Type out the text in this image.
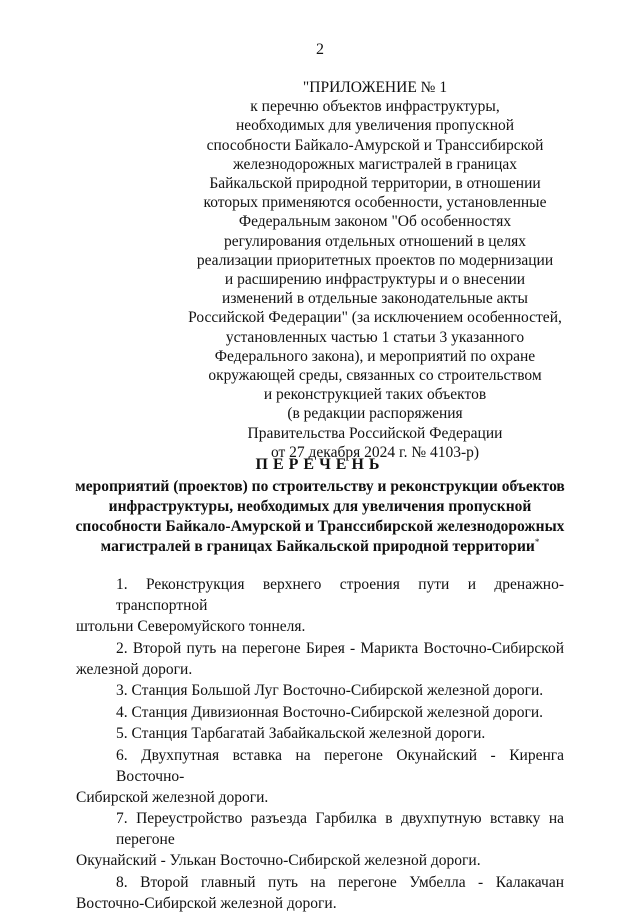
2
"ПРИЛОЖЕНИЕ № 1
к перечню объектов инфраструктуры,
необходимых для увеличения пропускной
способности Байкало-Амурской и Транссибирской
железнодорожных магистралей в границах
Байкальской природной территории, в отношении
которых применяются особенности, установленные
Федеральным законом "Об особенностях
регулирования отдельных отношений в целях
реализации приоритетных проектов по модернизации
и расширению инфраструктуры и о внесении
изменений в отдельные законодательные акты
Российской Федерации" (за исключением особенностей,
установленных частью 1 статьи 3 указанного
Федерального закона), и мероприятий по охране
окружающей среды, связанных со строительством
и реконструкцией таких объектов
(в редакции распоряжения
Правительства Российской Федерации
от 27 декабря 2024 г. № 4103-р)
ПЕРЕЧЕНЬ
мероприятий (проектов) по строительству и реконструкции объектов
инфраструктуры, необходимых для увеличения пропускной
способности Байкало-Амурской и Транссибирской железнодорожных
магистралей в границах Байкальской природной территории*
1. Реконструкция верхнего строения пути и дренажно-транспортной
штольни Северомуйского тоннеля.
2. Второй путь на перегоне Бирея - Марикта Восточно-Сибирской
железной дороги.
3. Станция Большой Луг Восточно-Сибирской железной дороги.
4. Станция Дивизионная Восточно-Сибирской железной дороги.
5. Станция Тарбагатай Забайкальской железной дороги.
6. Двухпутная вставка на перегоне Окунайский - Киренга Восточно-
Сибирской железной дороги.
7. Переустройство разъезда Гарбилка в двухпутную вставку на перегоне
Окунайский - Улькан Восточно-Сибирской железной дороги.
8. Второй главный путь на перегоне Умбелла - Калакачан
Восточно-Сибирской железной дороги.
